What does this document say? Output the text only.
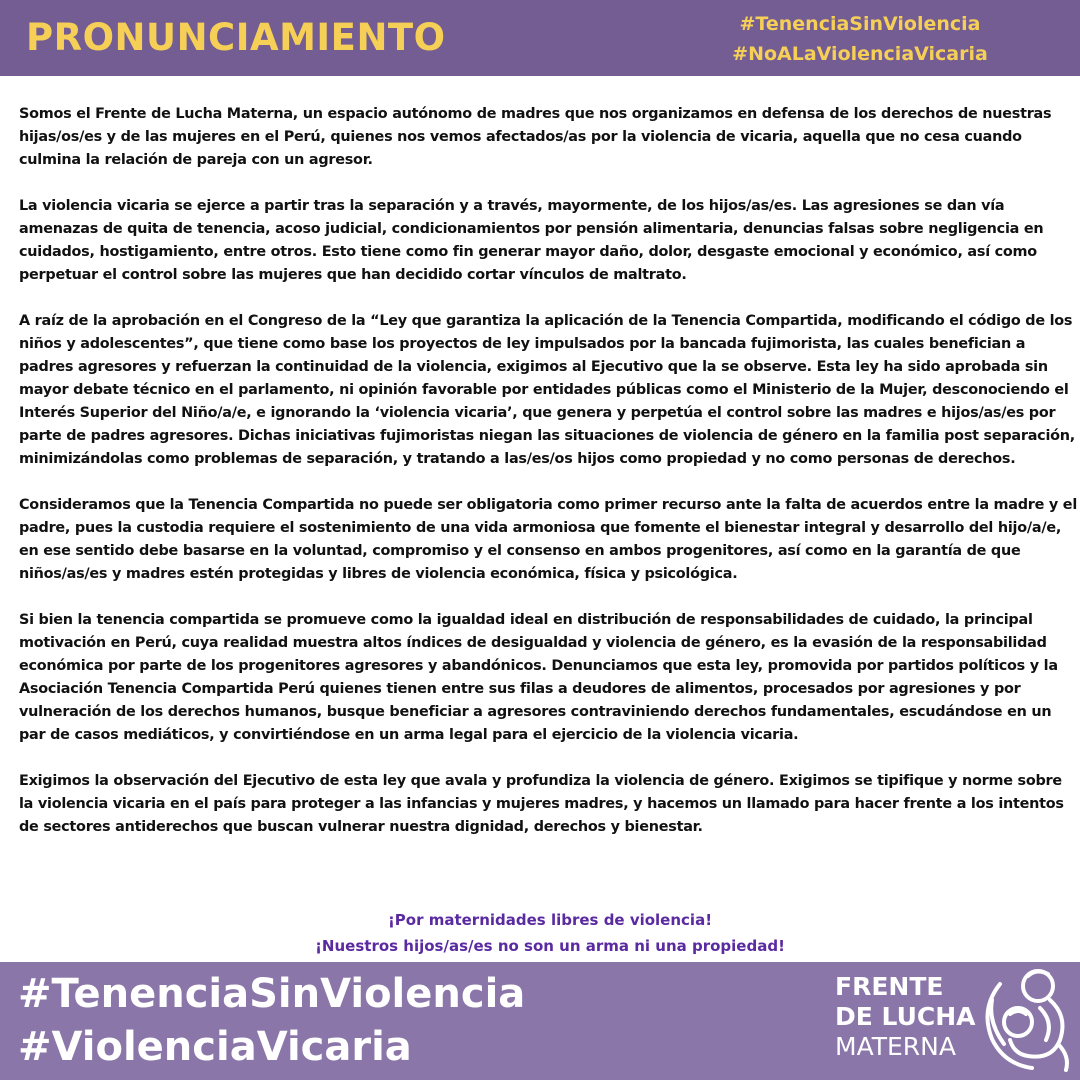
PRONUNCIAMIENTO	#TenenciaSinViolencia
#NoALaViolenciaVicaria

Somos el Frente de Lucha Materna, un espacio autónomo de madres que nos organizamos en defensa de los derechos de nuestras hijas/os/es y de las mujeres en el Perú, quienes nos vemos afectados/as por la violencia de vicaria, aquella que no cesa cuando culmina la relación de pareja con un agresor.

La violencia vicaria se ejerce a partir tras la separación y a través, mayormente, de los hijos/as/es. Las agresiones se dan vía amenazas de quita de tenencia, acoso judicial, condicionamientos por pensión alimentaria, denuncias falsas sobre negligencia en cuidados, hostigamiento, entre otros. Esto tiene como fin generar mayor daño, dolor, desgaste emocional y económico, así como perpetuar el control sobre las mujeres que han decidido cortar vínculos de maltrato.

A raíz de la aprobación en el Congreso de la “Ley que garantiza la aplicación de la Tenencia Compartida, modificando el código de los niños y adolescentes”, que tiene como base los proyectos de ley impulsados por la bancada fujimorista, las cuales benefician a padres agresores y refuerzan la continuidad de la violencia, exigimos al Ejecutivo que la se observe. Esta ley ha sido aprobada sin mayor debate técnico en el parlamento, ni opinión favorable por entidades públicas como el Ministerio de la Mujer, desconociendo el Interés Superior del Niño/a/e, e ignorando la ‘violencia vicaria’, que genera y perpetúa el control sobre las madres e hijos/as/es por parte de padres agresores. Dichas iniciativas fujimoristas niegan las situaciones de violencia de género en la familia post separación, minimizándolas como problemas de separación, y tratando a las/es/os hijos como propiedad y no como personas de derechos.

Consideramos que la Tenencia Compartida no puede ser obligatoria como primer recurso ante la falta de acuerdos entre la madre y el padre, pues la custodia requiere el sostenimiento de una vida armoniosa que fomente el bienestar integral y desarrollo del hijo/a/e, en ese sentido debe basarse en la voluntad, compromiso y el consenso en ambos progenitores, así como en la garantía de que niños/as/es y madres estén protegidas y libres de violencia económica, física y psicológica.

Si bien la tenencia compartida se promueve como la igualdad ideal en distribución de responsabilidades de cuidado, la principal motivación en Perú, cuya realidad muestra altos índices de desigualdad y violencia de género, es la evasión de la responsabilidad económica por parte de los progenitores agresores y abandónicos. Denunciamos que esta ley, promovida por partidos políticos y la Asociación Tenencia Compartida Perú quienes tienen entre sus filas a deudores de alimentos, procesados por agresiones y por vulneración de los derechos humanos, busque beneficiar a agresores contraviniendo derechos fundamentales, escudándose en un par de casos mediáticos, y convirtiéndose en un arma legal para el ejercicio de la violencia vicaria.

Exigimos la observación del Ejecutivo de esta ley que avala y profundiza la violencia de género. Exigimos se tipifique y norme sobre la violencia vicaria en el país para proteger a las infancias y mujeres madres, y hacemos un llamado para hacer frente a los intentos de sectores antiderechos que buscan vulnerar nuestra dignidad, derechos y bienestar.

¡Por maternidades libres de violencia!
¡Nuestros hijos/as/es no son un arma ni una propiedad!
#TenenciaSinViolencia
#ViolenciaVicaria
FRENTE
DE LUCHA
MATERNA
